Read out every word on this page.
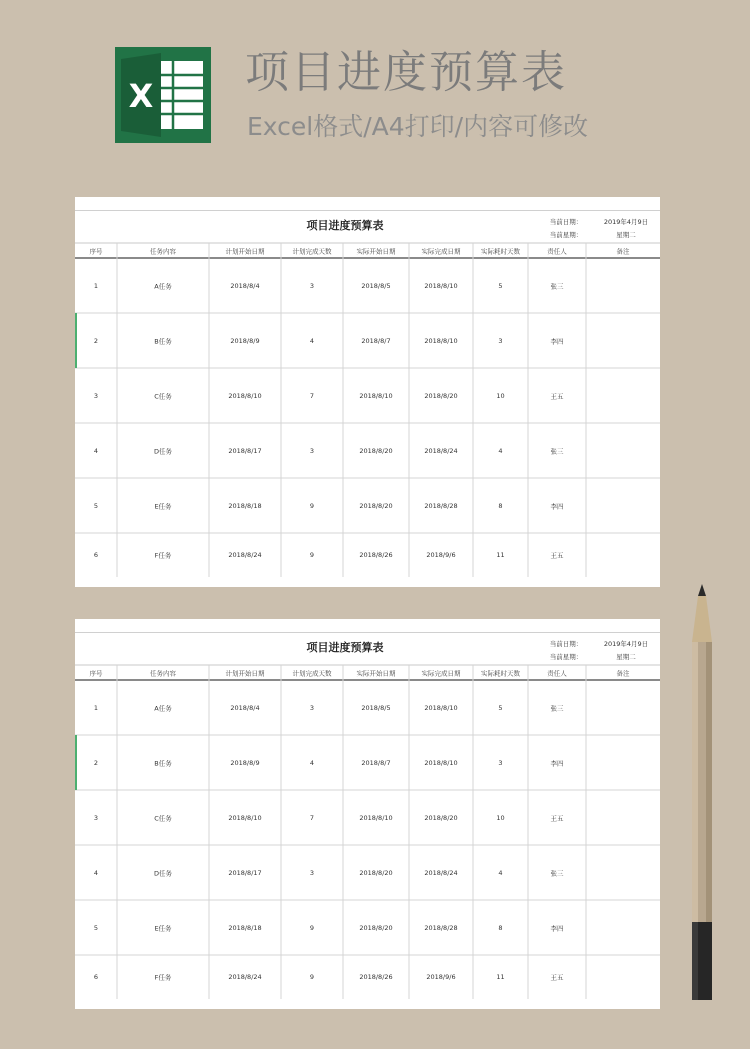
X 项目进度预算表
Excel格式/A4打印/内容可修改
项目进度预算表	当前日期：	2019年4月9日
当前星期：	星期二
序号	任务内容	计划开始日期	计划完成天数	实际开始日期	实际完成日期	实际耗时天数	责任人	备注
1	A任务	2018/8/4	3	2018/8/5	2018/8/10	5	张三
2	B任务	2018/8/9	4	2018/8/7	2018/8/10	3	李四
3	C任务	2018/8/10	7	2018/8/10	2018/8/20	10	王五
4	D任务	2018/8/17	3	2018/8/20	2018/8/24	4	张三
5	E任务	2018/8/18	9	2018/8/20	2018/8/28	8	李四
6	F任务	2018/8/24	9	2018/8/26	2018/9/6	11	王五
项目进度预算表	当前日期：	2019年4月9日
当前星期：	星期二
序号	任务内容	计划开始日期	计划完成天数	实际开始日期	实际完成日期	实际耗时天数	责任人	备注
1	A任务	2018/8/4	3	2018/8/5	2018/8/10	5	张三
2	B任务	2018/8/9	4	2018/8/7	2018/8/10	3	李四
3	C任务	2018/8/10	7	2018/8/10	2018/8/20	10	王五
4	D任务	2018/8/17	3	2018/8/20	2018/8/24	4	张三
5	E任务	2018/8/18	9	2018/8/20	2018/8/28	8	李四
6	F任务	2018/8/24	9	2018/8/26	2018/9/6	11	王五
